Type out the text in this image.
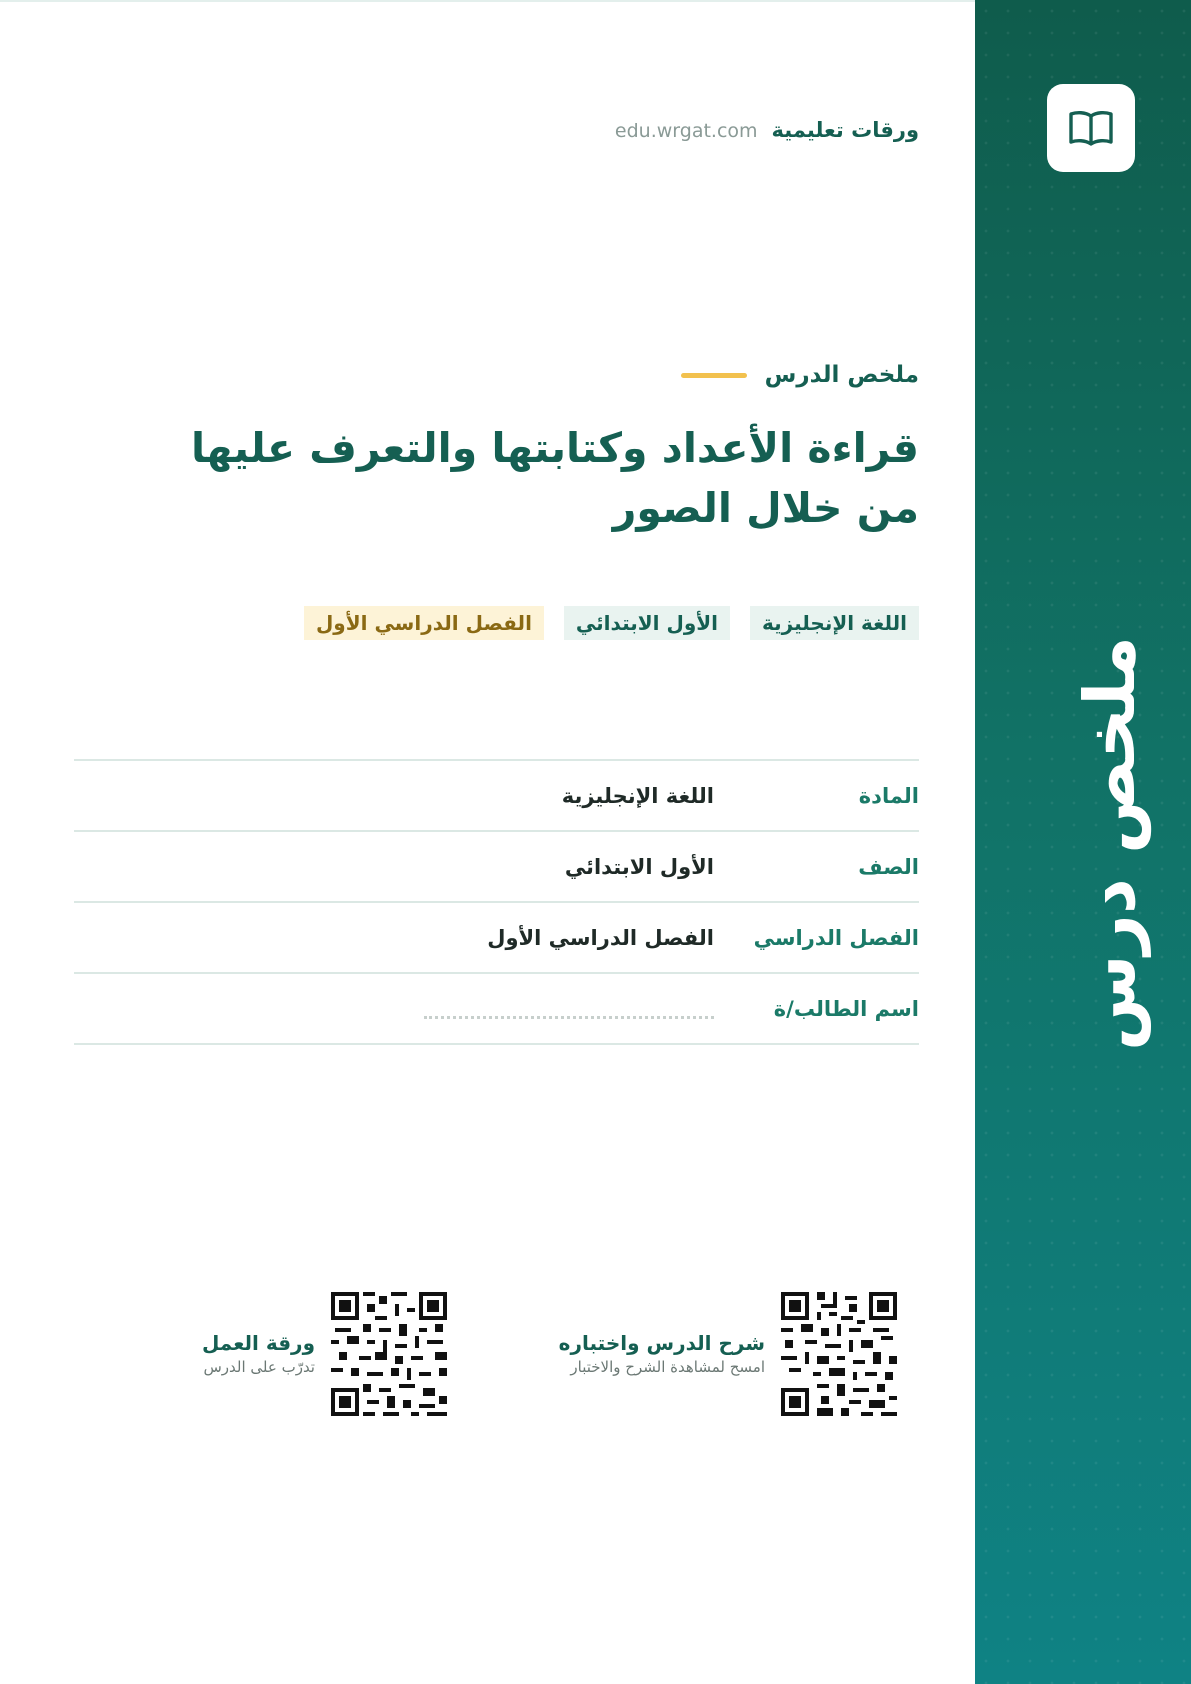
ملخص درس
ورقات تعليمية
edu.wrgat.com
ملخص الدرس
قراءة الأعداد وكتابتها والتعرف عليها من خلال الصور
اللغة الإنجليزية
الأول الابتدائي
الفصل الدراسي الأول
المادة
اللغة الإنجليزية
الصف
الأول الابتدائي
الفصل الدراسي
الفصل الدراسي الأول
اسم الطالب/ة
شرح الدرس واختباره
امسح لمشاهدة الشرح والاختبار
ورقة العمل
تدرّب على الدرس
